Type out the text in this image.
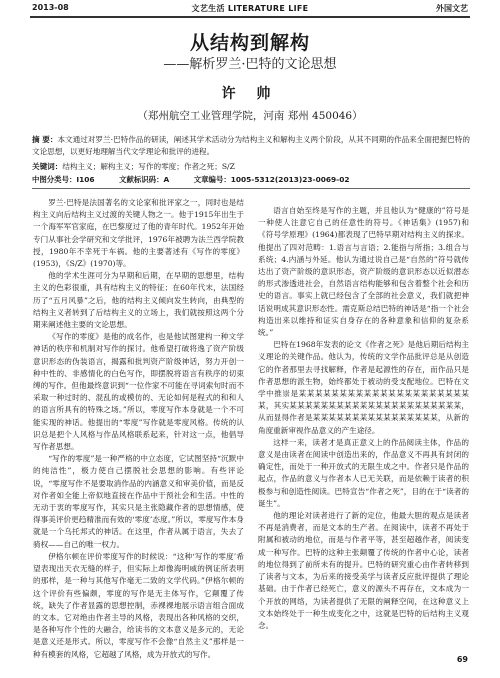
2013-08	文艺生活 LITERATURE LIFE	外国文艺
从结构到解构
——解析罗兰·巴特的文论思想
许 帅
（郑州航空工业管理学院，河南 郑州 450046）
摘 要：本文通过对罗兰·巴特作品的研读，阐述其学术活动分为结构主义和解构主义两个阶段，从其不同期的作品来全面把握巴特的文论思想，以更好地理解当代文学理论和批评的进程。
关键词：结构主义；解构主义；写作的零度；作者之死；S/Z
中图分类号：I106	文献标识码：A	文章编号：1005-5312(2013)23-0069-02

罗兰·巴特是法国著名的文论家和批评家之一，同时也是结构主义向后结构主义过渡的关键人物之一。他于1915年出生于一个海军军官家庭，在巴黎度过了他的青年时代。1952年开始专门从事社会学研究和文学批评，1976年被聘为法兰西学院教授，1980年不幸死于车祸。他的主要著述有《写作的零度》(1953)，《S/Z》(1970)等。

他的学术生涯可分为早期和后期，在早期的思想里，结构主义的色彩很重，具有结构主义的特征；在60年代末，法国经历了“五月风暴”之后，他的结构主义倾向发生转向，由典型的结构主义者转到了后结构主义的立场上，我们就按照这两个分期来阐述他主要的文论思想。

《写作的零度》是他的成名作，也是他试图建构一种文学神话的秩序和机制对写作的探讨。他希望打破将逸了资产阶级意识形态的伪装语言，揭露和批判资产阶级神话，努力开创一种中性的、非感情化的白色写作，即摆脱将语言有秩序的切束缚的写作。但他最终意识到“一位作家不可能在寻词索句时而不采取一种过时的、混乱的或模仿的、无论如何是程式的和和人的语言所具有的特殊之场。”所以，零度写作本身就是一个不可能实现的神话。他提出的“零度”写作就是零度风格。传统的认识总是把个人风格与作品风格联系起来，针对这一点，他倡导写作者思想。

“写作的零度”是一种严格的中立态度，它试图坚持“沉默中的纯洁性”，极力使自己摆脱社会思想的影响。有些评论说，“零度写作不是要取消作品的内涵意义和审美价值，而是反对作者如全能上帝似地直接在作品中干预社会和生活。中性的无动于衷的零度写作，其实只是主张隐藏作者的思想情感，使得事美评价更趋精准而有效的‘零度’态度。”所以，零度写作本身就是一个乌托邦式的神话。在这里，作者从属于语言，失去了骑权——自己的唯一权力。

伊格尔顿在评价零度写作的时候说：“这种‘写作的零度’希望表现出天衣无缝的样子，但实际上却像海明威的例证所表明的那样，是一种与其他写作毫无二致的文学代码。”伊格尔顿的这个评价有些偏颇，零度的写作是无主体写作，它颠覆了传统，缺失了作者显露的思想控制，赤裸裸地展示语言组合面成的文本。它对绝由作者主导的风格，表现出各种风格的交织，是各种写作个性的大融合，给读书的文本意义是多元的，无论是意义还是形式。所以，零度写作不会像“自然主义”那样是一种有模套的风格，它超越了风格，成为开放式的写作。

语言自始至终是写作的主题，并且他认为“健康的”符号是一种使人注意它自己的任意性的符号。《神话集》(1957)和《符号学原理》(1964)都表现了巴特早期对结构主义的探求。他提出了四对范畴：1.语言与言语；2.能指与所指；3.组合与系统；4.内涵与外延。他认为通过说自己是“自然的”符号就传达出了资产阶级的意识形态，资产阶级的意识形态以近似潜态的形式渗透进社会，自然语言结构能够和包含着整个社会和历史的语言。事实上就已经包含了全部的社会意义，我们就把神话说明成其意识形态性。需克斯总结巴特的神话是“指一个社会构造出来以维持和证实自身存在的各种意象和信仰的复杂系统。”

巴特在1968年发表的论文《作者之死》是他后期后结构主义理论的关键作品。他认为，传统的文学作品批评总是从创造它的作者那里去寻找解释，作者是起源性的存在，而作品只是作者思想的派生物，始终都处于被动的受支配地位。巴特在文学中推崇是某某某某某某某某某某某某某某某某某某某某某某，其实某某某某某某某某某某某某某某某某某某某某某某，从而显得作者是某某某某某某某某某某某某某某某某，从新的角度重新审视作品意义的产生途径。

这样一来，读者才是真正意义上的作品阅读主体，作品的意义是由读者在阅读中创造出来的，作品意义不再具有封闭的确定性，而处于一种开放式的无限生成之中。作者只是作品的起点，作品的意义与作者本人已无关联，而是依赖于读者的积极参与和创造性阅读。巴特宣告“作者之死”，目的在于“读者的诞生”。

他的理论对读者进行了新的定位，他最大胆的观点是读者不再是消费者，而是文本的生产者。在阅读中，读者不再处于附属和被动的地位，而是与作者平等，甚至超越作者，阅读变成一种写作。巴特的这种主张颠覆了传统的作者中心论，读者的地位得到了前所未有的提升。巴特的研究重心由作者转移到了读者与文本，为后来的接受美学与读者反应批评提供了理论基础。由于作者已经死亡，意义的源头不再存在，文本成为一个开放的网络，为读者提供了无限的阐释空间，在这种意义上文本始终处于一种生成变化之中，这就是巴特的后结构主义观念。

69
